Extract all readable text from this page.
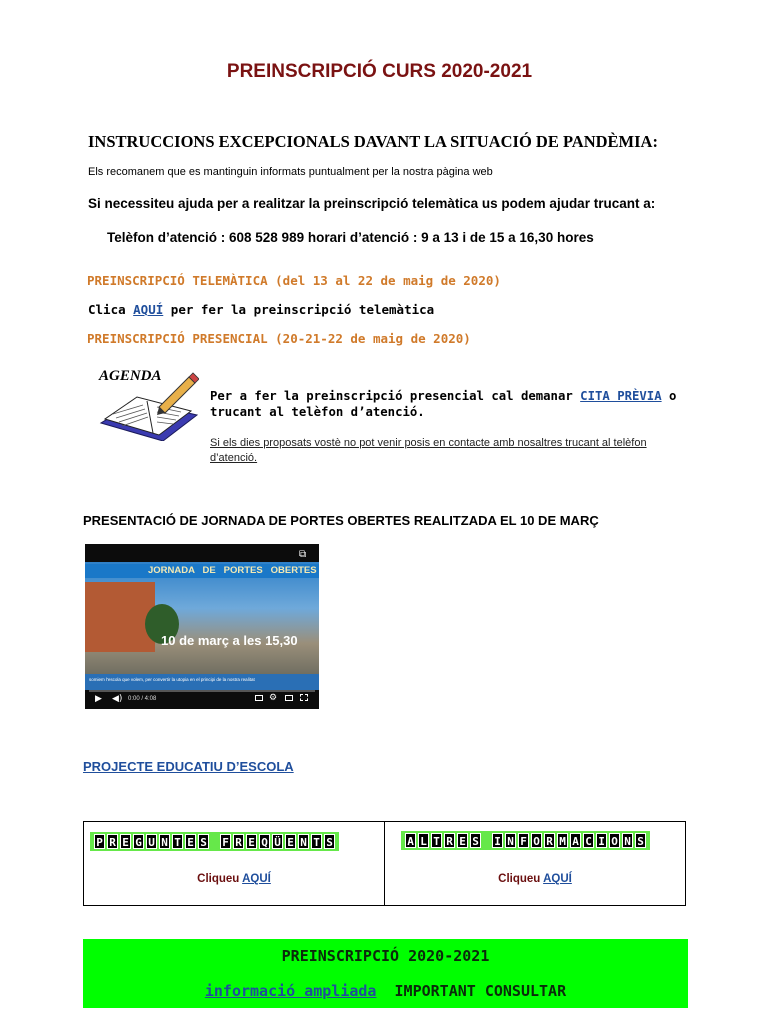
PREINSCRIPCIÓ CURS 2020-2021
INSTRUCCIONS EXCEPCIONALS DAVANT LA SITUACIÓ DE PANDÈMIA:
Els recomanem que es mantinguin informats puntualment per la nostra pàgina web
Si necessiteu ajuda per a realitzar la preinscripció telemàtica us podem ajudar trucant a:
Telèfon d’atenció : 608 528 989 horari d’atenció : 9 a 13 i de 15 a 16,30 hores
PREINSCRIPCIÓ TELEMÀTICA (del 13 al 22 de maig de 2020)
Clica AQUÍ per fer la preinscripció telemàtica
PREINSCRIPCIÓ PRESENCIAL (20-21-22 de maig de 2020)
AGENDA
Per a fer la preinscripció presencial cal demanar CITA PRÈVIA o trucant al telèfon d’atenció.
Si els dies proposats vostè no pot venir posis en contacte amb nosaltres trucant al telèfon d’atenció.
PRESENTACIÓ DE JORNADA DE PORTES OBERTES REALITZADA EL 10 DE MARÇ
JORNADA   DE   PORTES   OBERTES
10 de març a les 15,30
somiem l'escola que volem, per convertir la utopia en el principi de la nostra realitat
▶ ◀) 0:00 / 4:08	⚙
⧉
PROJECTE EDUCATIU D’ESCOLA
P R E G U N T E S F R E Q Ü E N T S
Cliqueu AQUÍ
A L T R E S I N F O R M A C I O N S
Cliqueu AQUÍ
PREINSCRIPCIÓ 2020-2021
informació ampliada  IMPORTANT CONSULTAR
